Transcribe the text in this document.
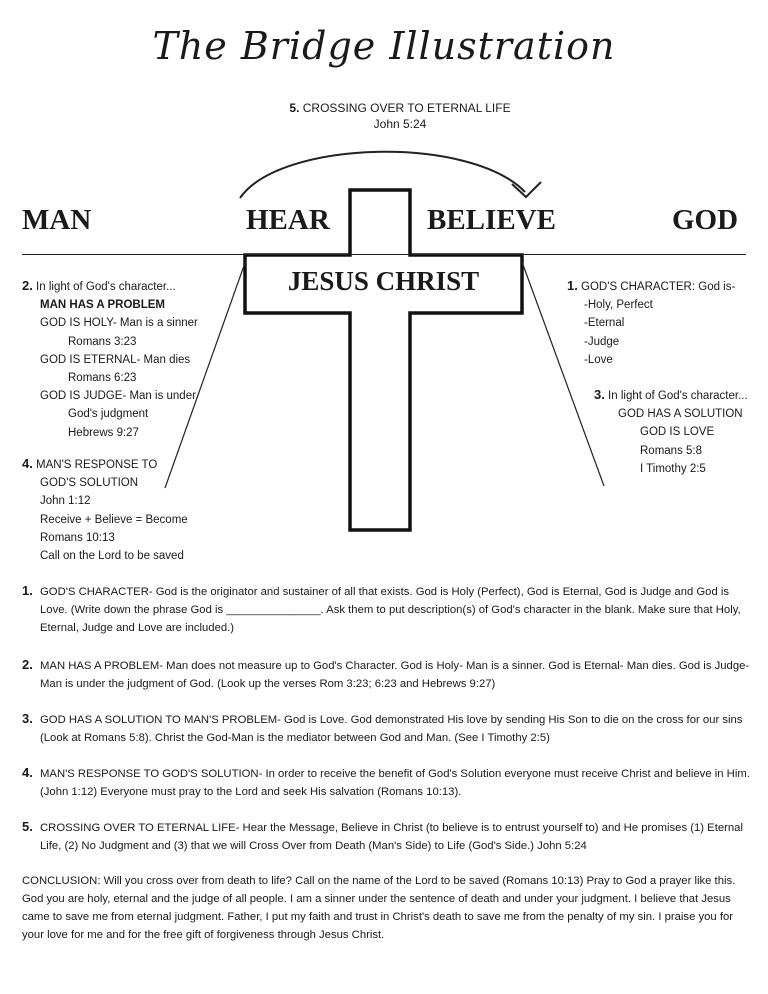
The Bridge Illustration
5. CROSSING OVER TO ETERNAL LIFE
John 5:24
MAN	HEAR	BELIEVE	GOD
JESUS CHRIST
2. In light of God's character...
MAN HAS A PROBLEM
GOD IS HOLY- Man is a sinner
Romans 3:23
GOD IS ETERNAL- Man dies
Romans 6:23
GOD IS JUDGE- Man is under
God's judgment
Hebrews 9:27
4. MAN'S RESPONSE TO
GOD'S SOLUTION
John 1:12
Receive + Believe = Become
Romans 10:13
Call on the Lord to be saved
1. GOD'S CHARACTER: God is-
-Holy, Perfect
-Eternal
-Judge
-Love
3. In light of God's character...
GOD HAS A SOLUTION
GOD IS LOVE
Romans 5:8
I Timothy 2:5
1. GOD'S CHARACTER- God is the originator and sustainer of all that exists. God is Holy (Perfect), God is Eternal, God is Judge and God is Love. (Write down the phrase God is _______________. Ask them to put description(s) of God's character in the blank. Make sure that Holy, Eternal, Judge and Love are included.)
2. MAN HAS A PROBLEM- Man does not measure up to God's Character. God is Holy- Man is a sinner. God is Eternal- Man dies. God is Judge- Man is under the judgment of God. (Look up the verses Rom 3:23; 6:23 and Hebrews 9:27)
3. GOD HAS A SOLUTION TO MAN'S PROBLEM- God is Love. God demonstrated His love by sending His Son to die on the cross for our sins (Look at Romans 5:8). Christ the God-Man is the mediator between God and Man. (See I Timothy 2:5)
4. MAN'S RESPONSE TO GOD'S SOLUTION- In order to receive the benefit of God's Solution everyone must receive Christ and believe in Him. (John 1:12) Everyone must pray to the Lord and seek His salvation (Romans 10:13).
5. CROSSING OVER TO ETERNAL LIFE- Hear the Message, Believe in Christ (to believe is to entrust yourself to) and He promises (1) Eternal Life, (2) No Judgment and (3) that we will Cross Over from Death (Man's Side) to Life (God's Side.) John 5:24
CONCLUSION: Will you cross over from death to life? Call on the name of the Lord to be saved (Romans 10:13) Pray to God a prayer like this.
God you are holy, eternal and the judge of all people. I am a sinner under the sentence of death and under your judgment. I believe that Jesus came to save me from eternal judgment. Father, I put my faith and trust in Christ's death to save me from the penalty of my sin. I praise you for your love for me and for the free gift of forgiveness through Jesus Christ.
